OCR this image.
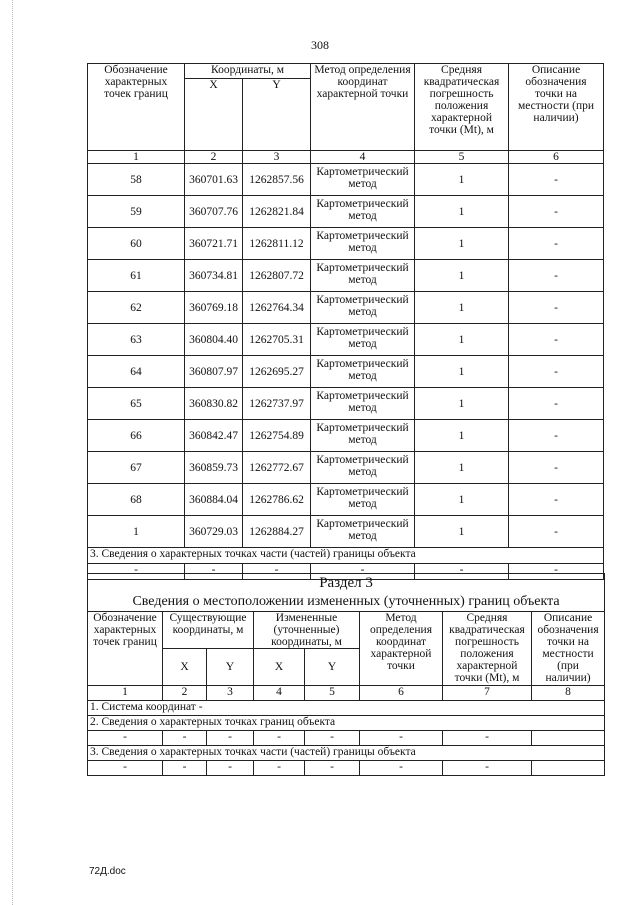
308
Обозначение характерных точек границ	Координаты, м		Метод определения координат характерной точки	Средняя квадратическая погрешность положения характерной точки (Mt), м	Описание обозначения точки на местности (при наличии)
	X	Y			
1	2	3	4	5	6
58	360701.63	1262857.56	Картометрический метод	1	-
59	360707.76	1262821.84	Картометрический метод	1	-
60	360721.71	1262811.12	Картометрический метод	1	-
61	360734.81	1262807.72	Картометрический метод	1	-
62	360769.18	1262764.34	Картометрический метод	1	-
63	360804.40	1262705.31	Картометрический метод	1	-
64	360807.97	1262695.27	Картометрический метод	1	-
65	360830.82	1262737.97	Картометрический метод	1	-
66	360842.47	1262754.89	Картометрический метод	1	-
67	360859.73	1262772.67	Картометрический метод	1	-
68	360884.04	1262786.62	Картометрический метод	1	-
1	360729.03	1262884.27	Картометрический метод	1	-
3. Сведения о характерных точках части (частей) границы объекта					
-	-	-	-	-	-
Раздел 3							
Сведения о местоположении измененных (уточненных) границ объекта							
Обозначение характерных точек границ	Существующие координаты, м		Измененные (уточненные) координаты, м		Метод определения координат характерной точки	Средняя квадратическая погрешность положения характерной точки (Mt), м	Описание обозначения точки на местности (при наличии)
	X	Y	X	Y			
1	2	3	4	5	6	7	8
1. Система координат -							
2. Сведения о характерных точках границ объекта							
-	-	-	-	-	-	-	
3. Сведения о характерных точках части (частей) границы объекта							
-	-	-	-	-	-	-	
72Д.doc
